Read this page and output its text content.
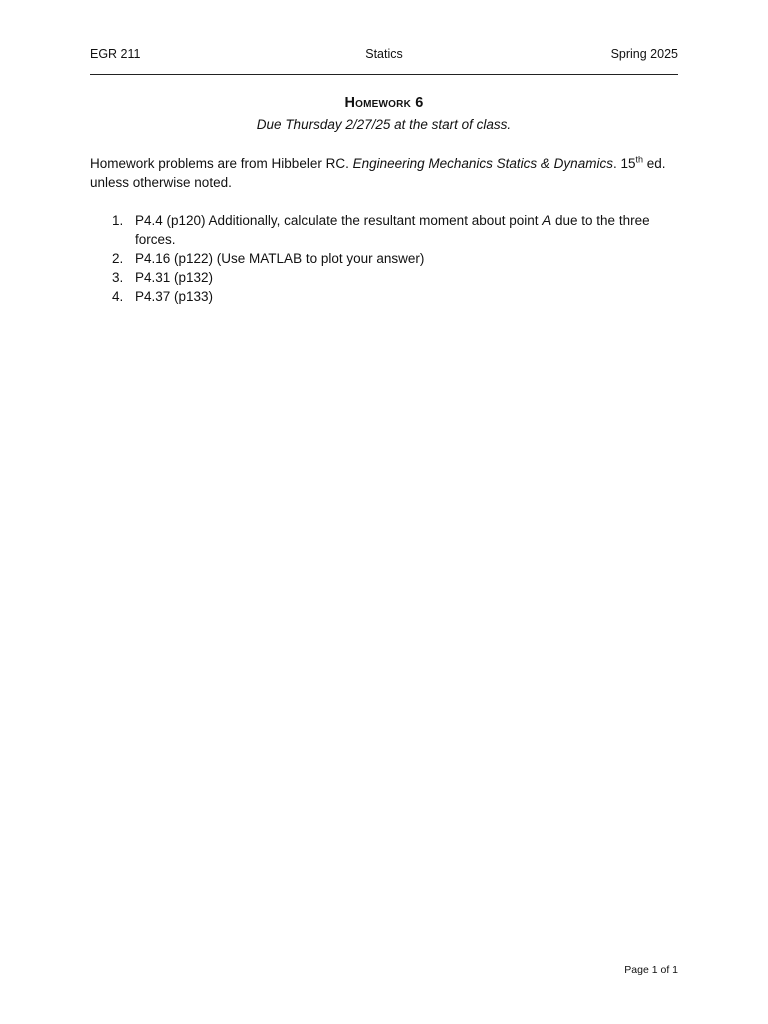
EGR 211	Statics	Spring 2025
Homework 6
Due Thursday 2/27/25 at the start of class.
Homework problems are from Hibbeler RC. Engineering Mechanics Statics & Dynamics. 15th ed. unless otherwise noted.
1. P4.4 (p120) Additionally, calculate the resultant moment about point A due to the three forces.
2. P4.16 (p122) (Use MATLAB to plot your answer)
3. P4.31 (p132)
4. P4.37 (p133)
Page 1 of 1
